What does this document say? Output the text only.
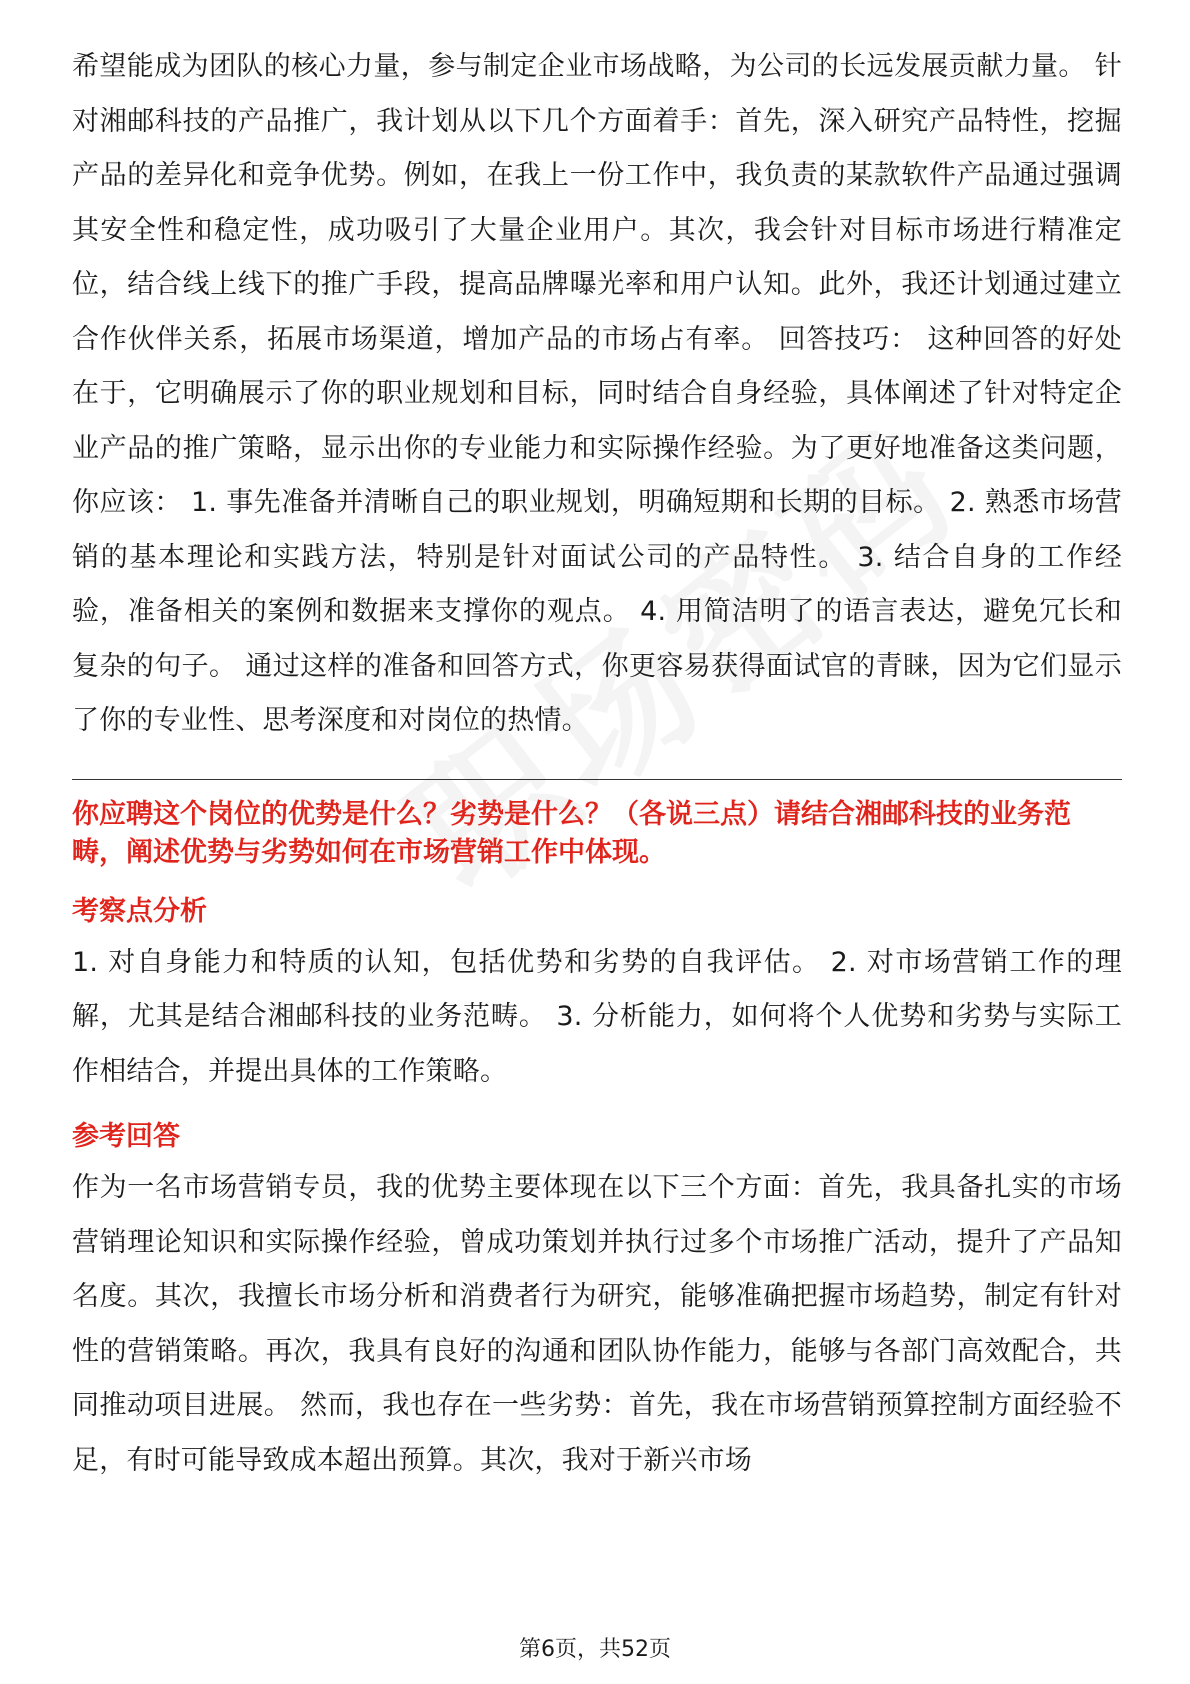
希望能成为团队的核心力量，参与制定企业市场战略，为公司的长远发展贡献力量。 针对湘邮科技的产品推广，我计划从以下几个方面着手：首先，深入研究产品特性，挖掘产品的差异化和竞争优势。例如，在我上一份工作中，我负责的某款软件产品通过强调其安全性和稳定性，成功吸引了大量企业用户。其次，我会针对目标市场进行精准定位，结合线上线下的推广手段，提高品牌曝光率和用户认知。此外，我还计划通过建立合作伙伴关系，拓展市场渠道，增加产品的市场占有率。 回答技巧： 这种回答的好处在于，它明确展示了你的职业规划和目标，同时结合自身经验，具体阐述了针对特定企业产品的推广策略，显示出你的专业能力和实际操作经验。为了更好地准备这类问题，你应该： 1. 事先准备并清晰自己的职业规划，明确短期和长期的目标。 2. 熟悉市场营销的基本理论和实践方法，特别是针对面试公司的产品特性。 3. 结合自身的工作经验，准备相关的案例和数据来支撑你的观点。 4. 用简洁明了的语言表达，避免冗长和复杂的句子。 通过这样的准备和回答方式，你更容易获得面试官的青睐，因为它们显示了你的专业性、思考深度和对岗位的热情。

你应聘这个岗位的优势是什么？劣势是什么？（各说三点）请结合湘邮科技的业务范畴，阐述优势与劣势如何在市场营销工作中体现。

考察点分析

1. 对自身能力和特质的认知，包括优势和劣势的自我评估。 2. 对市场营销工作的理解，尤其是结合湘邮科技的业务范畴。 3. 分析能力，如何将个人优势和劣势与实际工作相结合，并提出具体的工作策略。

参考回答

作为一名市场营销专员，我的优势主要体现在以下三个方面：首先，我具备扎实的市场营销理论知识和实际操作经验，曾成功策划并执行过多个市场推广活动，提升了产品知名度。其次，我擅长市场分析和消费者行为研究，能够准确把握市场趋势，制定有针对性的营销策略。再次，我具有良好的沟通和团队协作能力，能够与各部门高效配合，共同推动项目进展。 然而，我也存在一些劣势：首先，我在市场营销预算控制方面经验不足，有时可能导致成本超出预算。其次，我对于新兴市场

第6页，共52页
